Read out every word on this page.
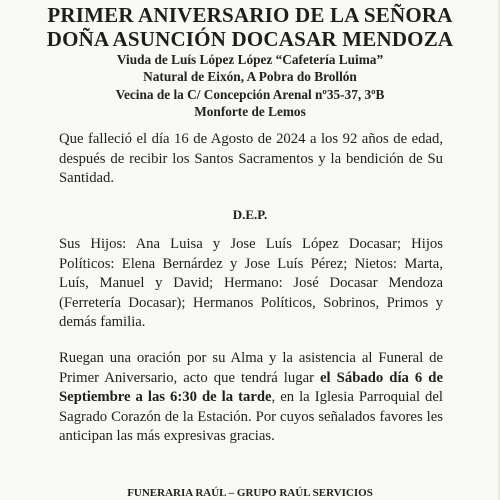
PRIMER ANIVERSARIO DE LA SEÑORA

DOÑA ASUNCIÓN DOCASAR MENDOZA

Viuda de Luís López López “Cafetería Luima”

Natural de Eixón, A Pobra do Brollón

Vecina de la C/ Concepción Arenal nº35-37, 3ºB

Monforte de Lemos

Que falleció el día 16 de Agosto de 2024 a los 92 años de edad, después de recibir los Santos Sacramentos y la bendición de Su Santidad.

D.E.P.

Sus Hijos: Ana Luisa y Jose Luís López Docasar; Hijos Políticos: Elena Bernárdez y Jose Luís Pérez; Nietos: Marta, Luís, Manuel y David; Hermano: José Docasar Mendoza (Ferretería Docasar); Hermanos Políticos, Sobrinos, Primos y demás familia.

Ruegan una oración por su Alma y la asistencia al Funeral de Primer Aniversario, acto que tendrá lugar el Sábado día 6 de Septiembre a las 6:30 de la tarde, en la Iglesia Parroquial del Sagrado Corazón de la Estación. Por cuyos señalados favores les anticipan las más expresivas gracias.

FUNERARIA RAÚL – GRUPO RAÚL SERVICIOS
